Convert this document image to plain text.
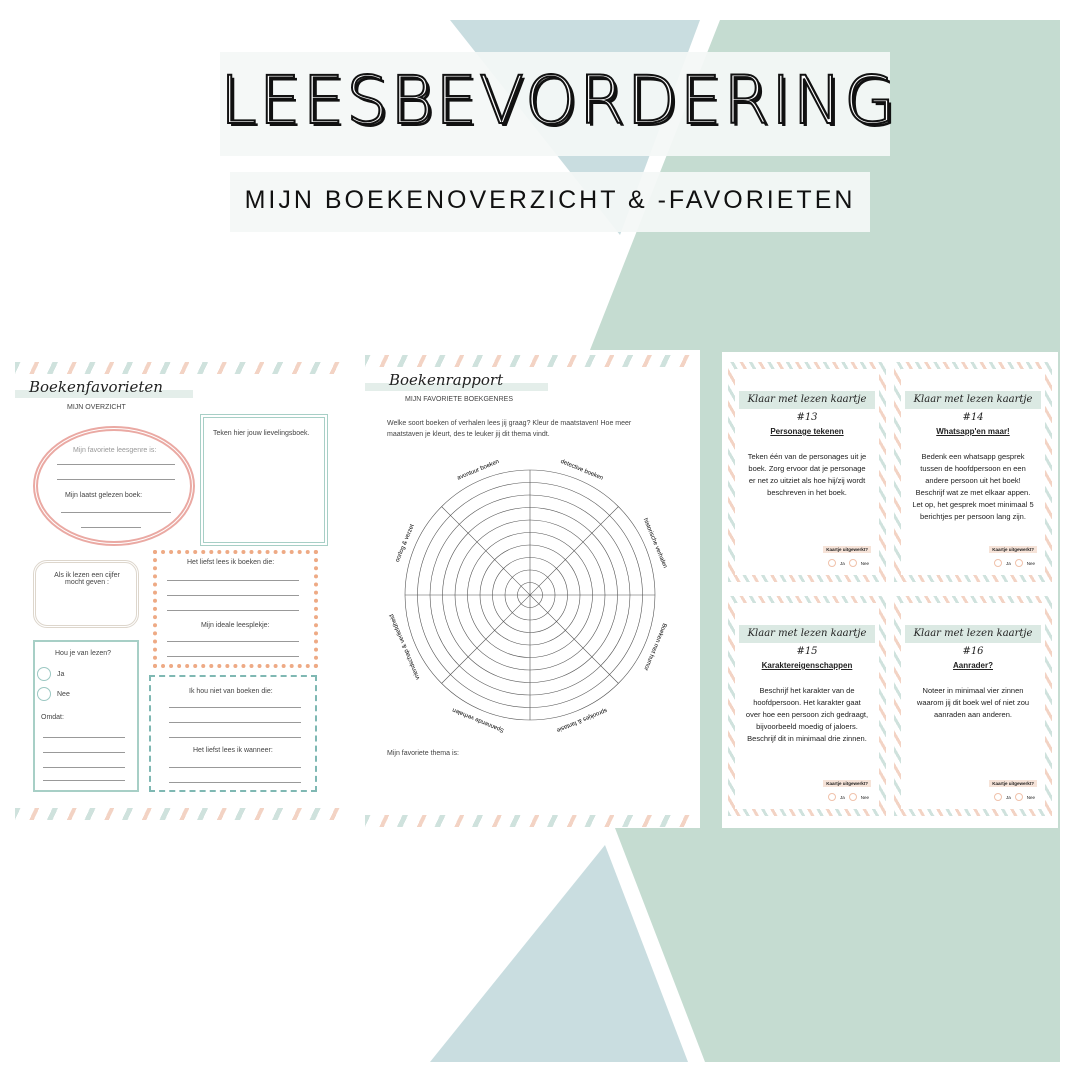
LEESBEVORDERING
MIJN BOEKENOVERZICHT & -FAVORIETEN
Boekenfavorieten
MIJN OVERZICHT
Mijn favoriete leesgenre is:
Mijn laatst gelezen boek:
Teken hier jouw lievelingsboek.
Als ik lezen een cijfer mocht geven :
Het liefst lees ik boeken die:
Mijn ideale leesplekje:
Hou je van lezen?
Ja
Nee
Omdat:
Ik hou niet van boeken die:
Het liefst lees ik wanneer:
Boekenrapport
MIJN FAVORIETE BOEKGENRES
Welke soort boeken of verhalen lees jij graag? Kleur de maatstaven! Hoe meer maatstaven je kleurt, des te leuker jij dit thema vindt.
avontuur boeken	detective boeken
historische verhalen
Boeken met humor
sprookjes & fantasie
Spannende verhalen
vriendschap & verliefdheid
oorlog & verzet
Mijn favoriete thema is:
Klaar met lezen kaartje #13
Personage tekenen
Teken één van de personages uit je boek. Zorg ervoor dat je personage er net zo uitziet als hoe hij/zij wordt beschreven in het boek.
Kaartje uitgewerkt?
Ja	Nee
Klaar met lezen kaartje #14
Whatsapp'en maar!
Bedenk een whatsapp gesprek tussen de hoofdpersoon en een andere persoon uit het boek! Beschrijf wat ze met elkaar appen. Let op, het gesprek moet minimaal 5 berichtjes per persoon lang zijn.
Kaartje uitgewerkt?
Ja	Nee
Klaar met lezen kaartje #15
Karaktereigenschappen
Beschrijf het karakter van de hoofdpersoon. Het karakter gaat over hoe een persoon zich gedraagt, bijvoorbeeld moedig of jaloers. Beschrijf dit in minimaal drie zinnen.
Kaartje uitgewerkt?
Ja	Nee
Klaar met lezen kaartje #16
Aanrader?
Noteer in minimaal vier zinnen waarom jij dit boek wel of niet zou aanraden aan anderen.
Kaartje uitgewerkt?
Ja	Nee
